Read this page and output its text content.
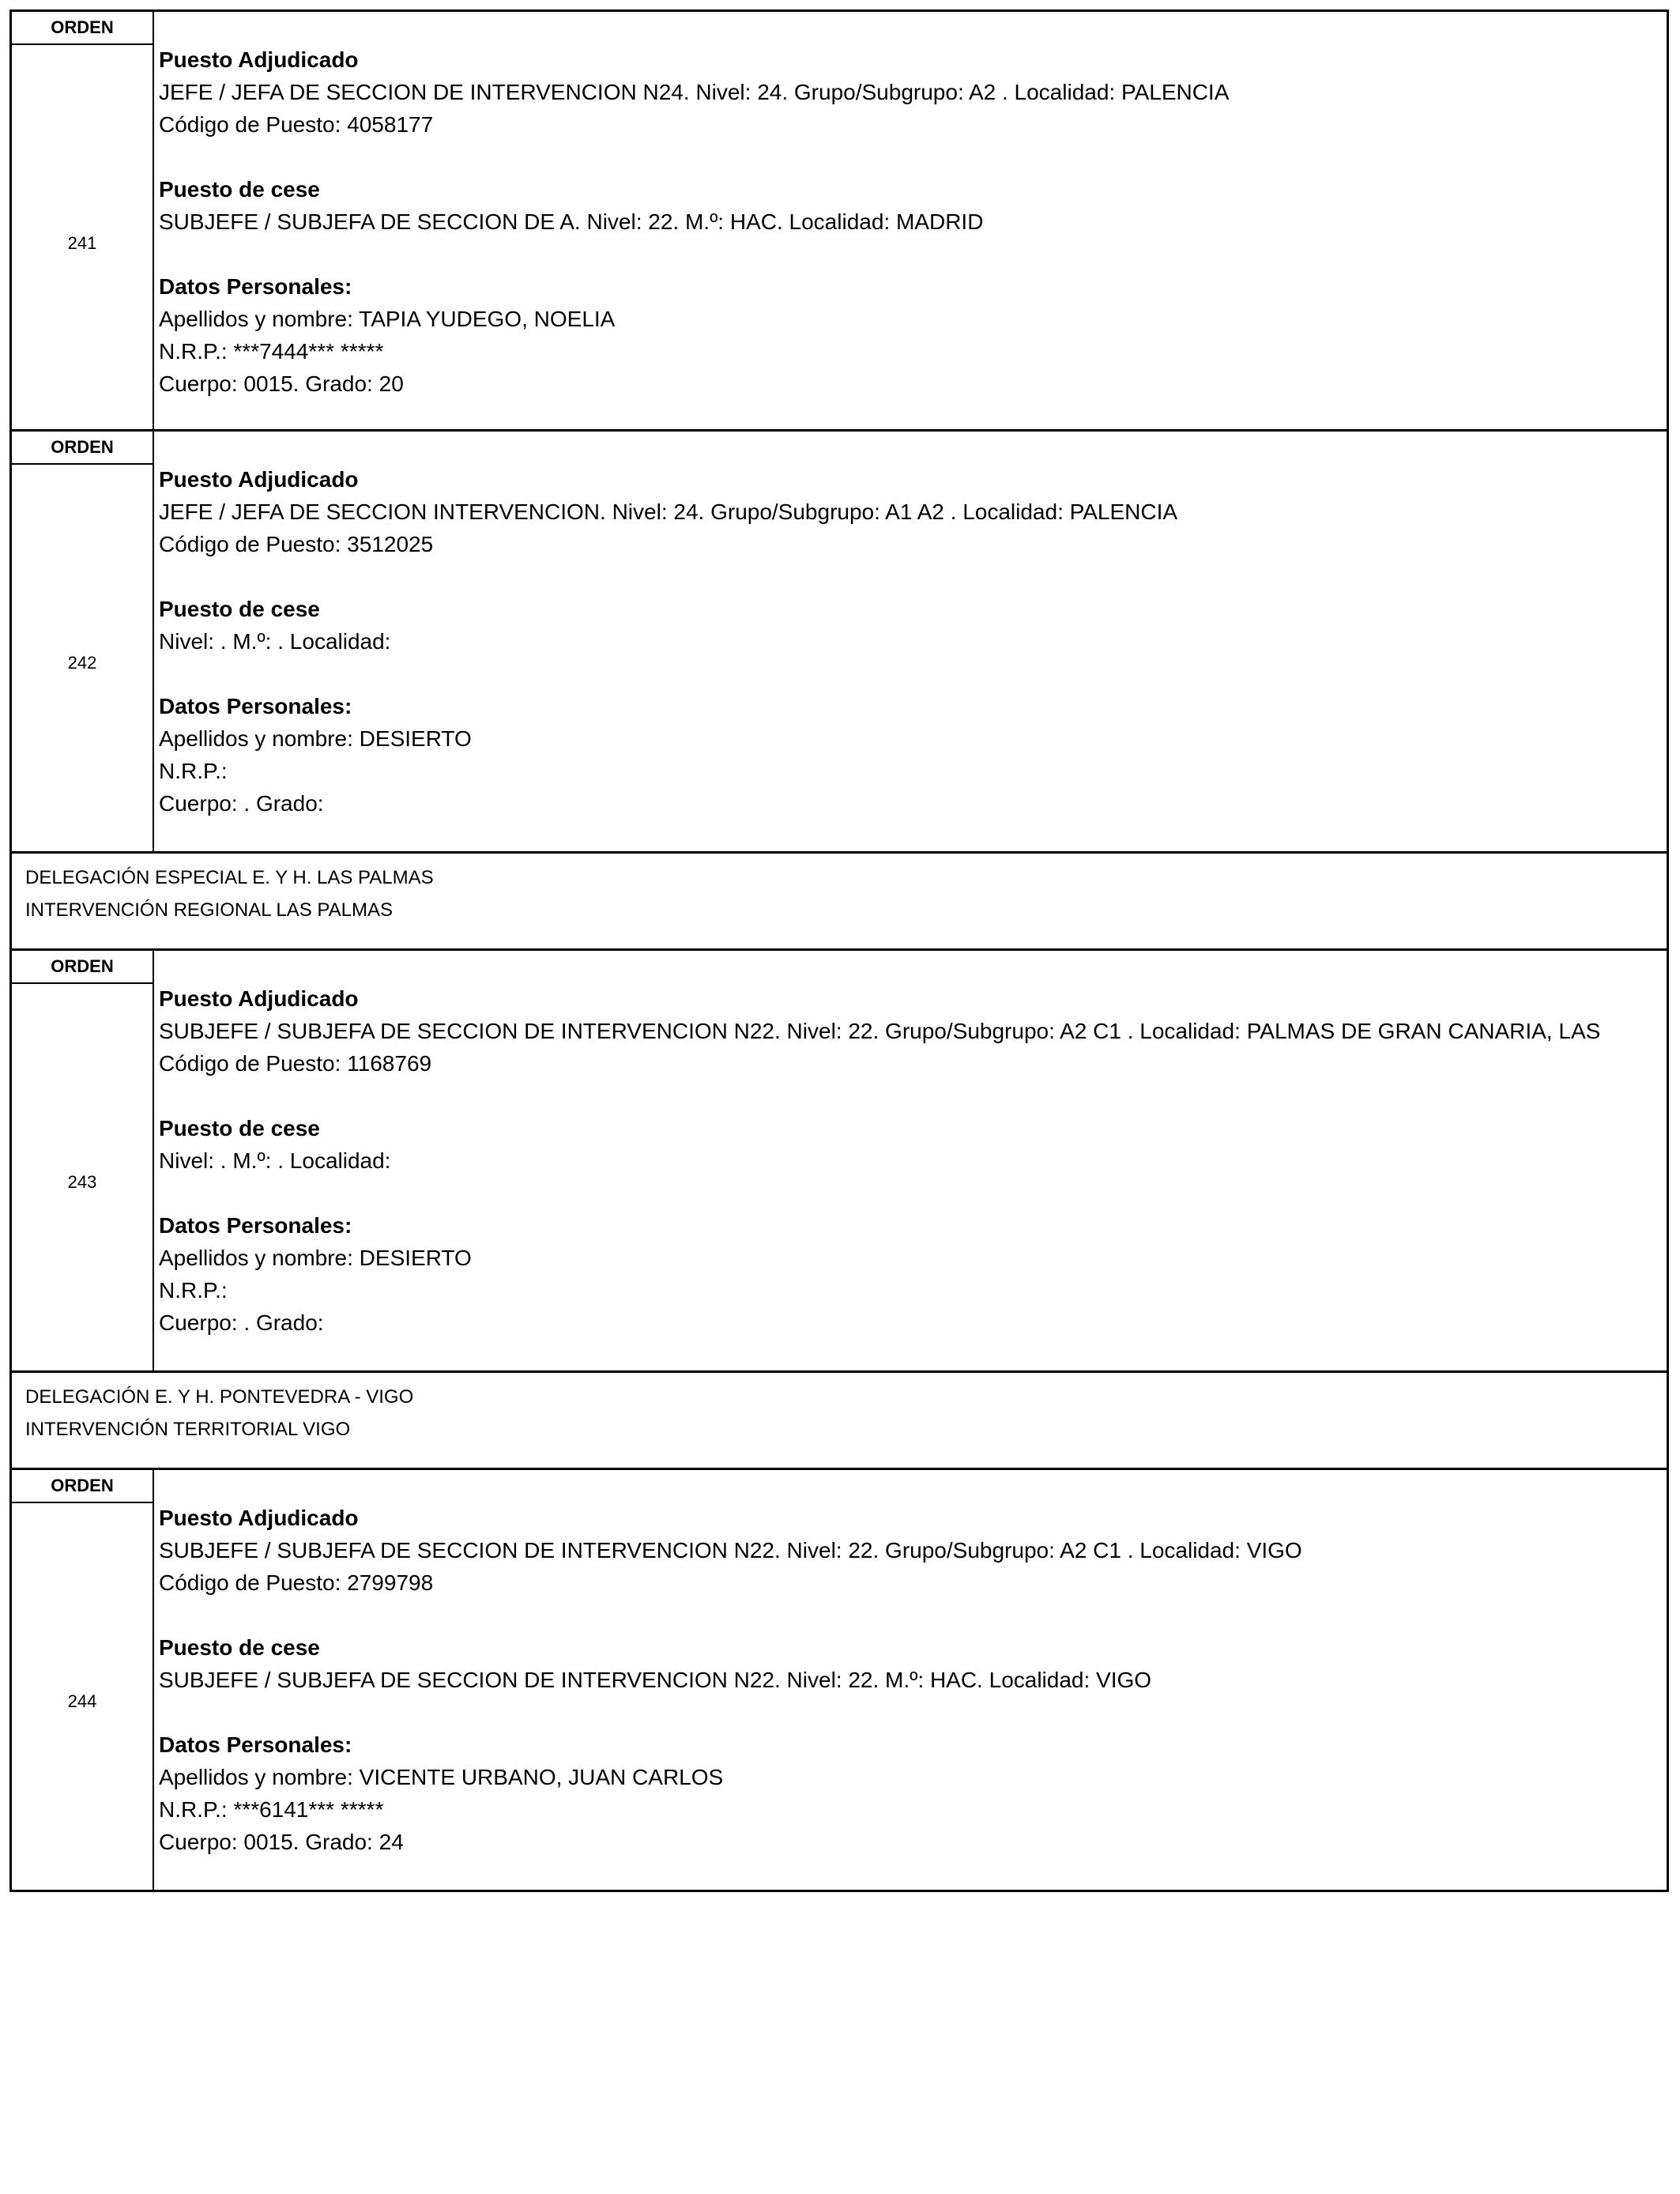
ORDEN
241
Puesto Adjudicado
JEFE / JEFA DE SECCION DE INTERVENCION N24. Nivel: 24. Grupo/Subgrupo: A2 . Localidad: PALENCIA
Código de Puesto: 4058177
Puesto de cese
SUBJEFE / SUBJEFA DE SECCION DE A. Nivel: 22. M.º: HAC. Localidad: MADRID
Datos Personales:
Apellidos y nombre: TAPIA YUDEGO, NOELIA
N.R.P.: ***7444*** *****
Cuerpo: 0015. Grado: 20
ORDEN
242
Puesto Adjudicado
JEFE / JEFA DE SECCION INTERVENCION. Nivel: 24. Grupo/Subgrupo: A1 A2 . Localidad: PALENCIA
Código de Puesto: 3512025
Puesto de cese
Nivel: . M.º: . Localidad:
Datos Personales:
Apellidos y nombre: DESIERTO
N.R.P.:
Cuerpo: . Grado:
DELEGACIÓN ESPECIAL E. Y H. LAS PALMAS
INTERVENCIÓN REGIONAL LAS PALMAS
ORDEN
243
Puesto Adjudicado
SUBJEFE / SUBJEFA DE SECCION DE INTERVENCION N22. Nivel: 22. Grupo/Subgrupo: A2 C1 . Localidad: PALMAS DE GRAN CANARIA, LAS
Código de Puesto: 1168769
Puesto de cese
Nivel: . M.º: . Localidad:
Datos Personales:
Apellidos y nombre: DESIERTO
N.R.P.:
Cuerpo: . Grado:
DELEGACIÓN E. Y H. PONTEVEDRA - VIGO
INTERVENCIÓN TERRITORIAL VIGO
ORDEN
244
Puesto Adjudicado
SUBJEFE / SUBJEFA DE SECCION DE INTERVENCION N22. Nivel: 22. Grupo/Subgrupo: A2 C1 . Localidad: VIGO
Código de Puesto: 2799798
Puesto de cese
SUBJEFE / SUBJEFA DE SECCION DE INTERVENCION N22. Nivel: 22. M.º: HAC. Localidad: VIGO
Datos Personales:
Apellidos y nombre: VICENTE URBANO, JUAN CARLOS
N.R.P.: ***6141*** *****
Cuerpo: 0015. Grado: 24
